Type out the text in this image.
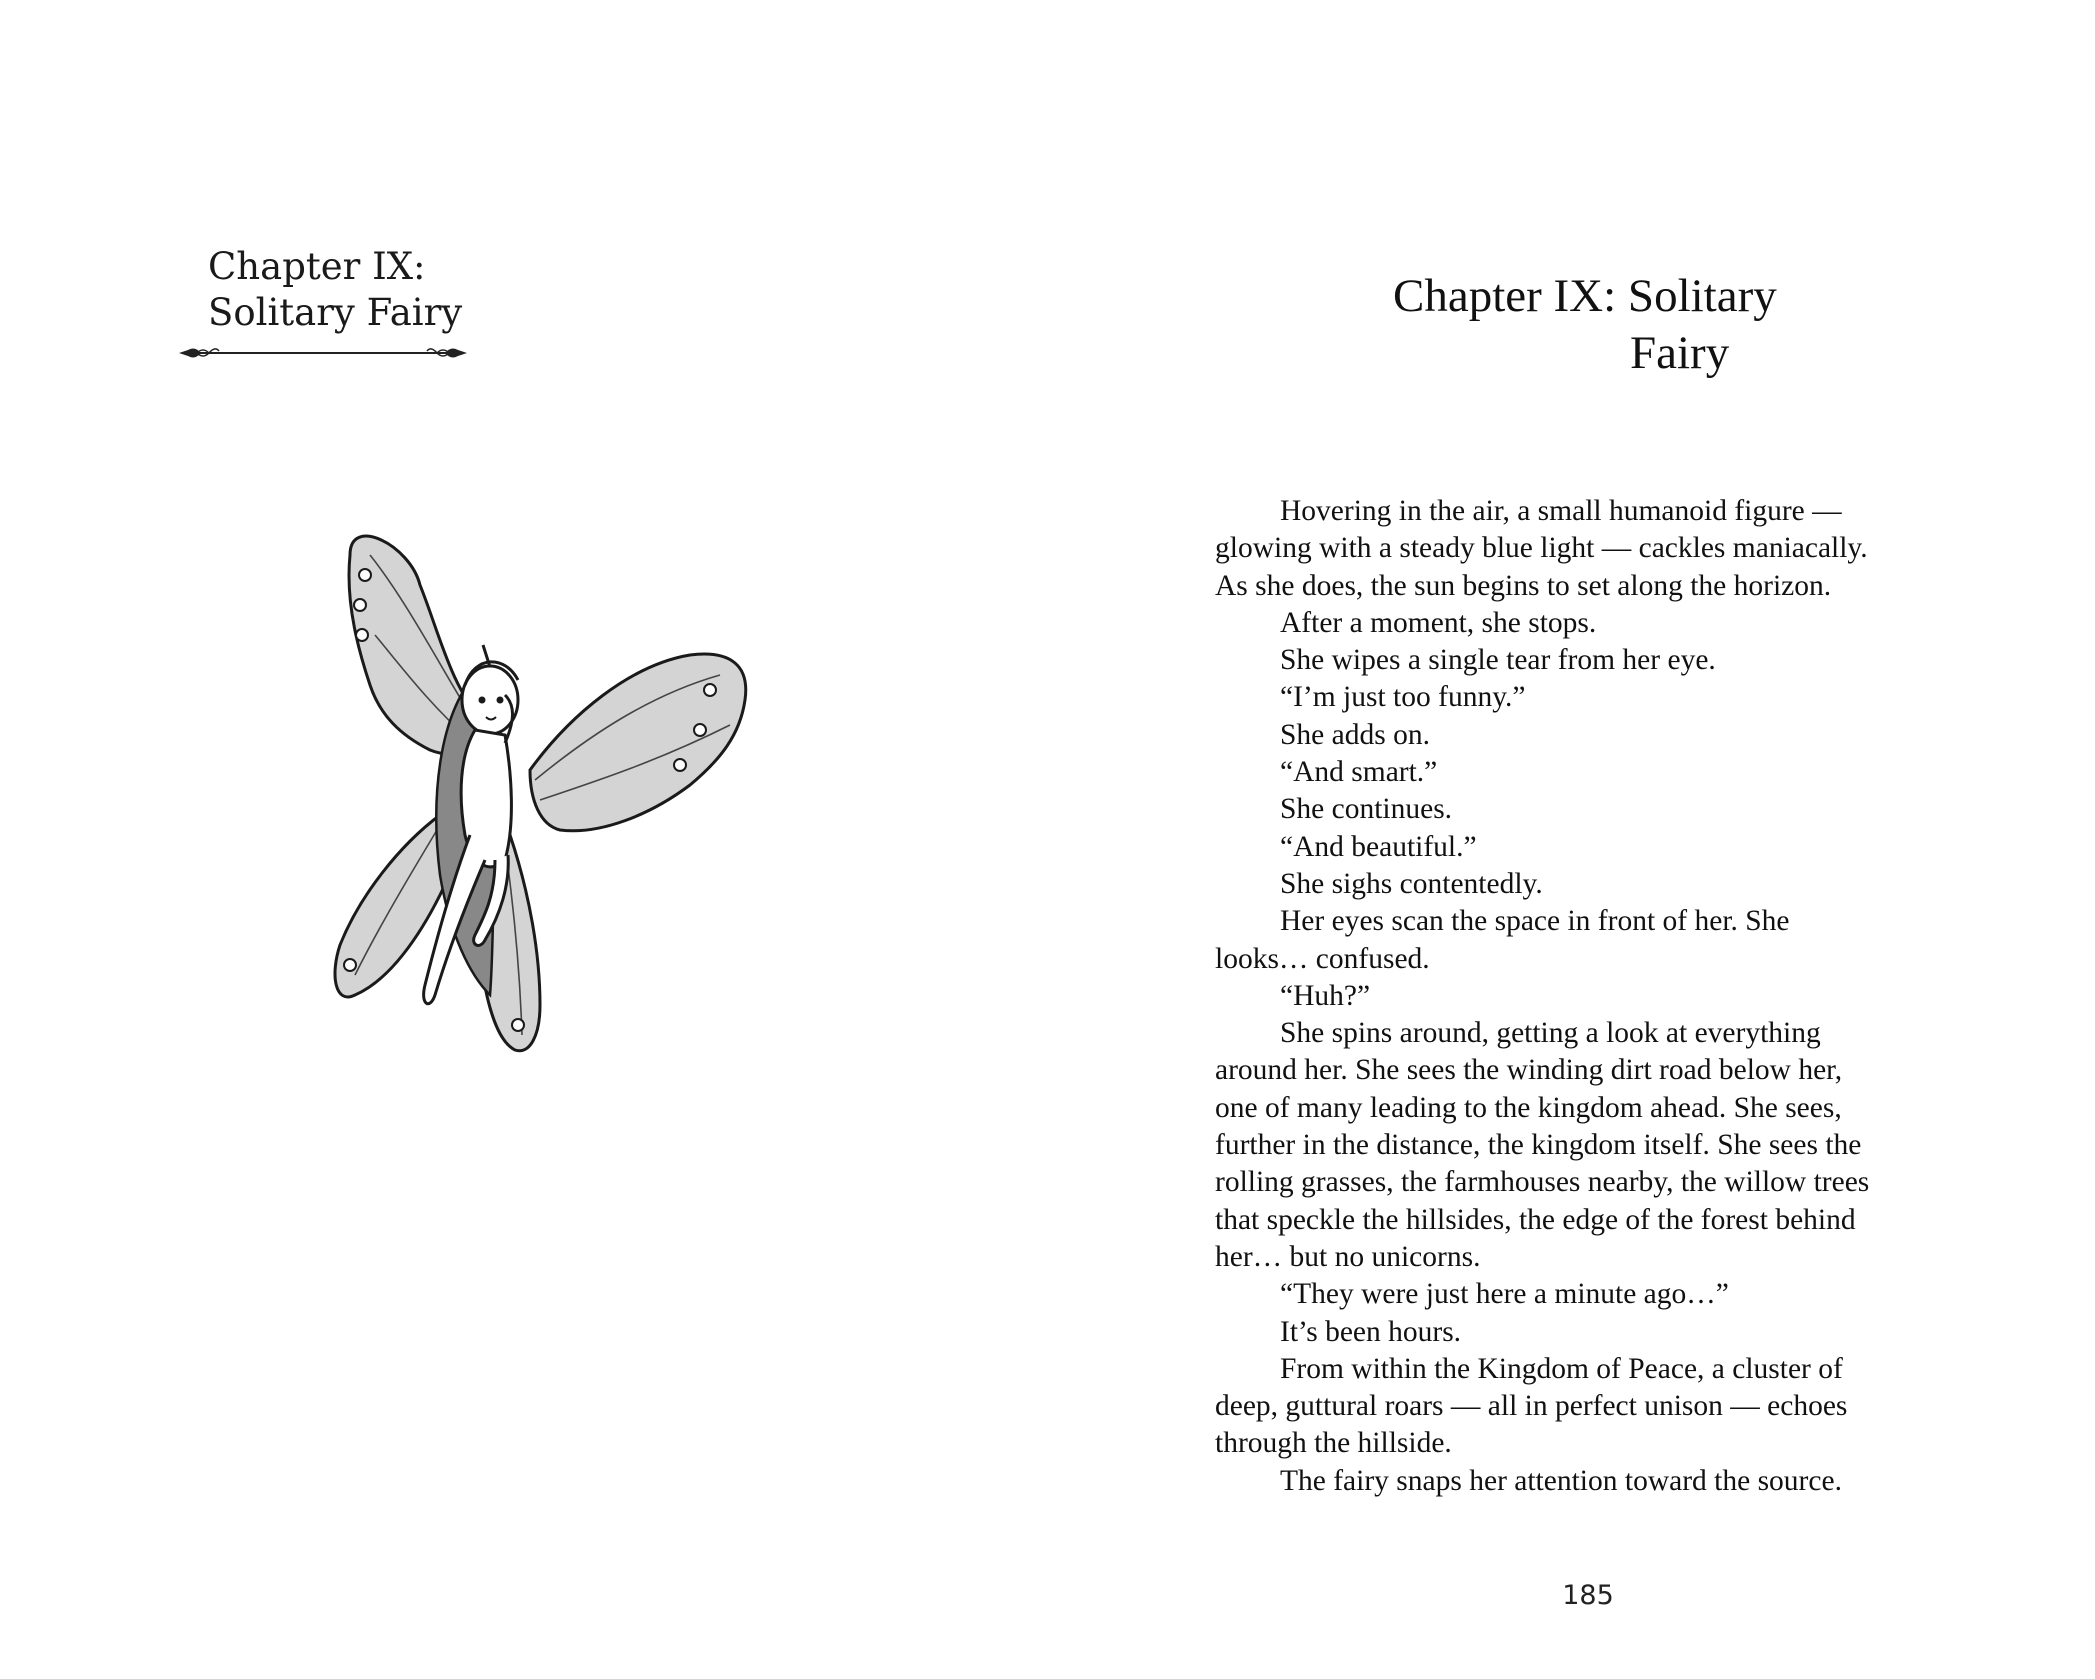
Chapter IX:
Solitary Fairy	Chapter IX: Solitary
Fairy
Hovering in the air, a small humanoid figure —
glowing with a steady blue light — cackles maniacally.
As she does, the sun begins to set along the horizon.
After a moment, she stops.
She wipes a single tear from her eye.
“I’m just too funny.”
She adds on.
“And smart.”
She continues.
“And beautiful.”
She sighs contentedly.
Her eyes scan the space in front of her. She
looks… confused.
“Huh?”
She spins around, getting a look at everything
around her. She sees the winding dirt road below her,
one of many leading to the kingdom ahead. She sees,
further in the distance, the kingdom itself. She sees the
rolling grasses, the farmhouses nearby, the willow trees
that speckle the hillsides, the edge of the forest behind
her… but no unicorns.
“They were just here a minute ago…”
It’s been hours.
From within the Kingdom of Peace, a cluster of
deep, guttural roars — all in perfect unison — echoes
through the hillside.
The fairy snaps her attention toward the source.
185
